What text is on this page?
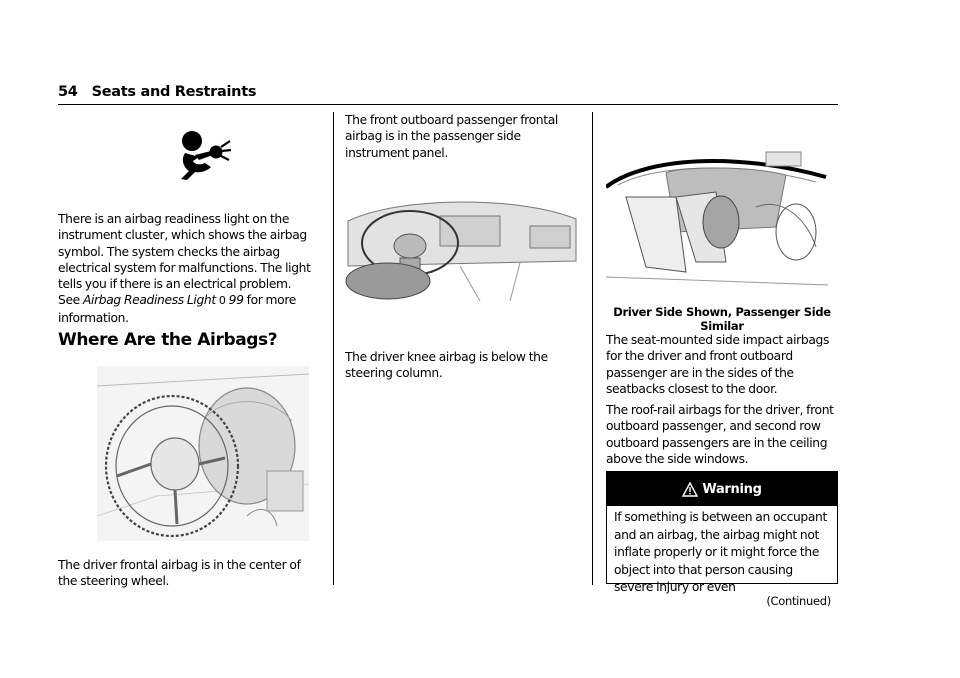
54 Seats and Restraints

There is an airbag readiness light on the instrument cluster, which shows the airbag symbol. The system checks the airbag electrical system for malfunctions. The light tells you if there is an electrical problem. See Airbag Readiness Light 0 99 for more information.

Where Are the Airbags?

The driver frontal airbag is in the center of the steering wheel.

The front outboard passenger frontal airbag is in the passenger side instrument panel.

The driver knee airbag is below the steering column.

Driver Side Shown, Passenger Side Similar

The seat-mounted side impact airbags for the driver and front outboard passenger are in the sides of the seatbacks closest to the door.

The roof-rail airbags for the driver, front outboard passenger, and second row outboard passengers are in the ceiling above the side windows.

Warning

If something is between an occupant and an airbag, the airbag might not inflate properly or it might force the object into that person causing severe injury or even

(Continued)
